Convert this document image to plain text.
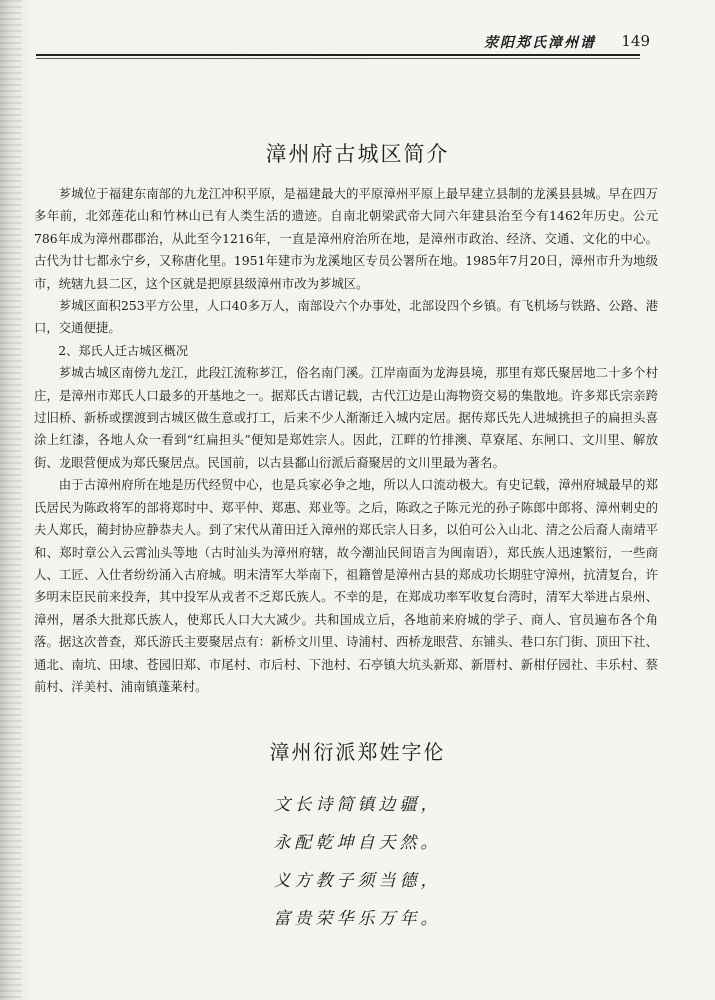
荥阳郑氏漳州谱 149
漳州府古城区简介

芗城位于福建东南部的九龙江冲积平原，是福建最大的平原漳州平原上最早建立县制的龙溪县县城。早在四万多年前，北郊莲花山和竹林山已有人类生活的遗迹。自南北朝梁武帝大同六年建县治至今有1462年历史。公元786年成为漳州郡郡治，从此至今1216年，一直是漳州府治所在地，是漳州市政治、经济、交通、文化的中心。古代为廿七都永宁乡，又称唐化里。1951年建市为龙溪地区专员公署所在地。1985年7月20日，漳州市升为地级市，统辖九县二区，这个区就是把原县级漳州市改为芗城区。

芗城区面积253平方公里，人口40多万人，南部设六个办事处，北部设四个乡镇。有飞机场与铁路、公路、港口，交通便捷。

2、郑氏人迁古城区概况

芗城古城区南傍九龙江，此段江流称芗江，俗名南门溪。江岸南面为龙海县境，那里有郑氏聚居地二十多个村庄，是漳州市郑氏人口最多的开基地之一。据郑氏古谱记载，古代江边是山海物资交易的集散地。许多郑氏宗亲跨过旧桥、新桥或摆渡到古城区做生意或打工，后来不少人渐渐迁入城内定居。据传郑氏先人进城挑担子的扁担头喜涂上红漆，各地人众一看到“红扁担头”便知是郑姓宗人。因此，江畔的竹排澳、草寮尾、东闸口、文川里、解放街、龙眼营便成为郑氏聚居点。民国前，以古县鄱山衍派后裔聚居的文川里最为著名。

由于古漳州府所在地是历代经贸中心，也是兵家必争之地，所以人口流动极大。有史记载，漳州府城最早的郑氏居民为陈政将军的部将郑时中、郑平仲、郑惠、郑业等。之后，陈政之子陈元光的孙子陈郎中郎将、漳州刺史的夫人郑氏，蔺封协应静恭夫人。到了宋代从莆田迁入漳州的郑氏宗人日多，以伯可公入山北、清之公后裔人南靖平和、郑时章公入云霄汕头等地（古时汕头为漳州府辖，故今潮汕民间语言为闽南语），郑氏族人迅速繁衍，一些商人、工匠、入仕者纷纷涌入古府城。明末清军大举南下，祖籍曾是漳州古县的郑成功长期驻守漳州，抗清复台，许多明末臣民前来投奔，其中投军从戎者不乏郑氏族人。不幸的是，在郑成功率军收复台湾时，清军大举进占泉州、漳州，屠杀大批郑氏族人，使郑氏人口大大减少。共和国成立后，各地前来府城的学子、商人、官员遍布各个角落。据这次普查，郑氏游氏主要聚居点有：新桥文川里、诗浦村、西桥龙眼营、东铺头、巷口东门街、顶田下社、通北、南坑、田埭、苍园旧郑、市尾村、市后村、下池村、石亭镇大坑头新郑、新厝村、新柑仔园社、丰乐村、蔡前村、洋美村、浦南镇蓬莱村。

漳州衍派郑姓字伦
文长诗简镇边疆，
永配乾坤自天然。
义方教子须当德，
富贵荣华乐万年。
